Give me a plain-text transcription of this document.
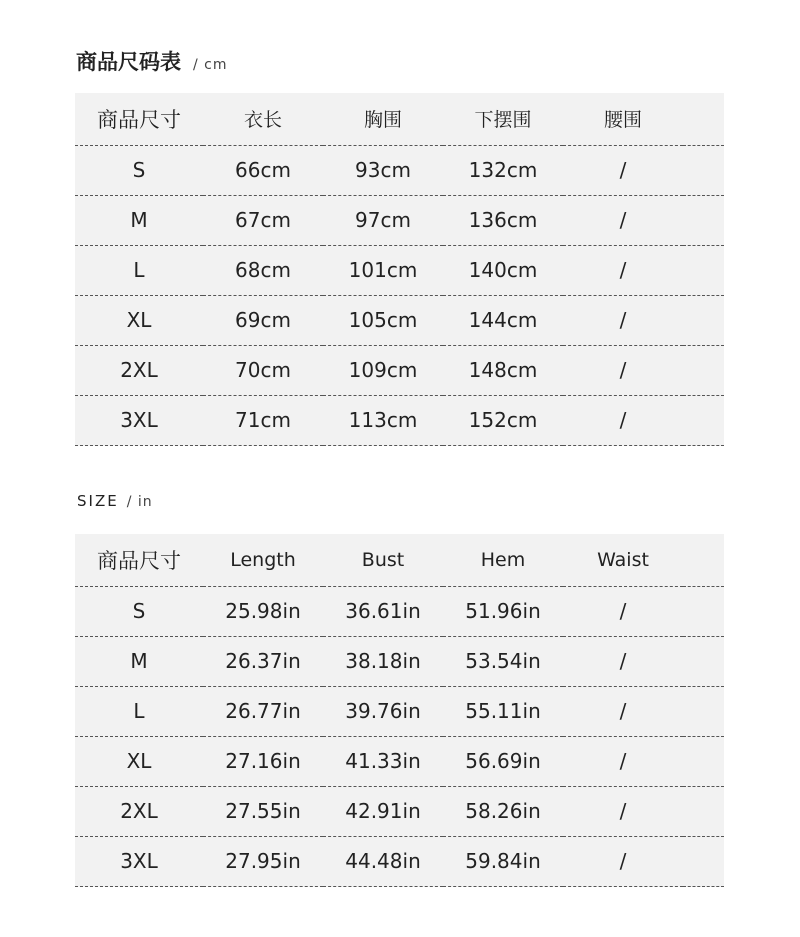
商品尺码表 / cm
商品尺寸	衣长	胸围	下摆围	腰围	
S	66cm	93cm	132cm	/	
M	67cm	97cm	136cm	/	
L	68cm	101cm	140cm	/	
XL	69cm	105cm	144cm	/	
2XL	70cm	109cm	148cm	/	
3XL	71cm	113cm	152cm	/	
SIZE / in
商品尺寸	Length	Bust	Hem	Waist	
S	25.98in	36.61in	51.96in	/	
M	26.37in	38.18in	53.54in	/	
L	26.77in	39.76in	55.11in	/	
XL	27.16in	41.33in	56.69in	/	
2XL	27.55in	42.91in	58.26in	/	
3XL	27.95in	44.48in	59.84in	/	
